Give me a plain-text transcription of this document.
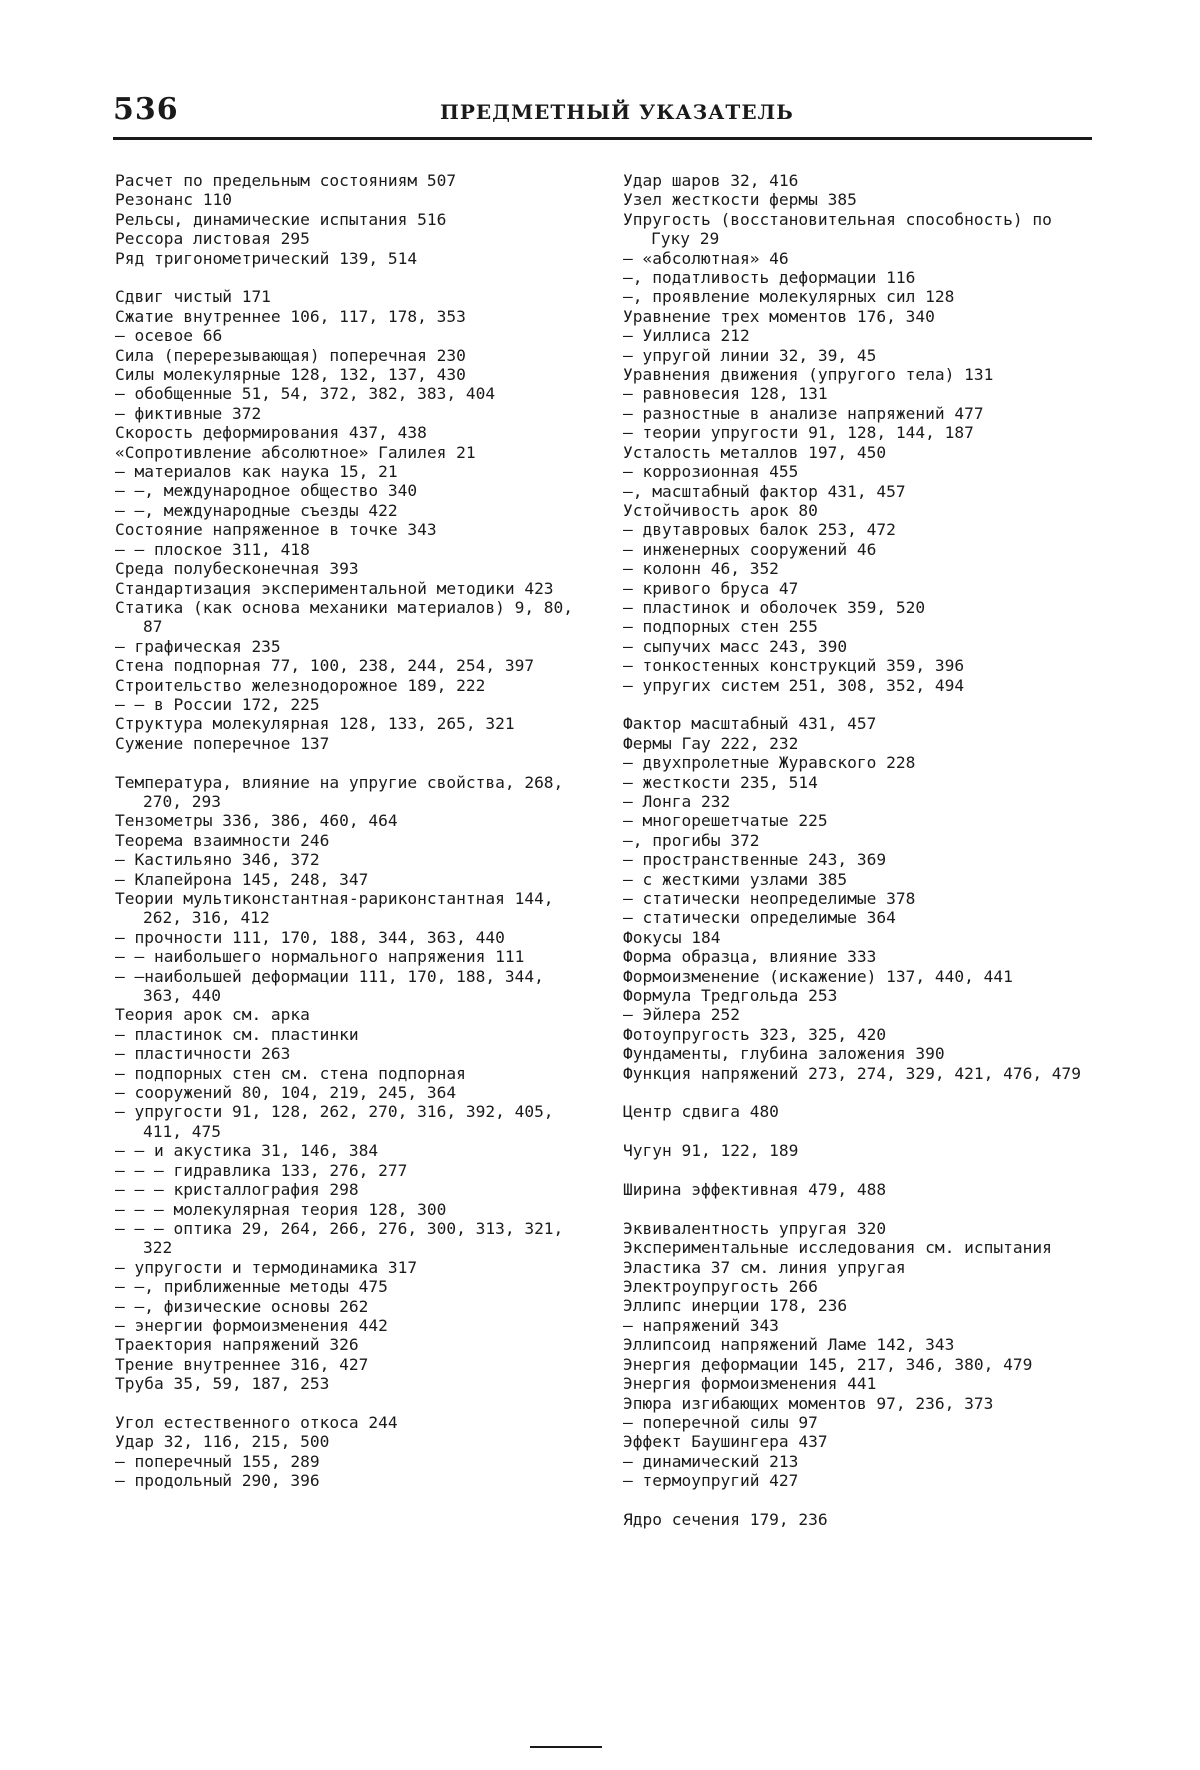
536	ПРЕДМЕТНЫЙ УКАЗАТЕЛЬ
Расчет по предельным состояниям 507
Резонанс 110
Рельсы, динамические испытания 516
Рессора листовая 295
Ряд тригонометрический 139, 514
Сдвиг чистый 171
Сжатие внутреннее 106, 117, 178, 353
— осевое 66
Сила (перерезывающая) поперечная 230
Силы молекулярные 128, 132, 137, 430
— обобщенные 51, 54, 372, 382, 383, 404
— фиктивные 372
Скорость деформирования 437, 438
«Сопротивление абсолютное» Галилея 21
— материалов как наука 15, 21
— —, международное общество 340
— —, международные съезды 422
Состояние напряженное в точке 343
— — плоское 311, 418
Среда полубесконечная 393
Стандартизация экспериментальной методики 423
Статика (как основа механики материалов) 9, 80, 87
— графическая 235
Стена подпорная 77, 100, 238, 244, 254, 397
Строительство железнодорожное 189, 222
— — в России 172, 225
Структура молекулярная 128, 133, 265, 321
Сужение поперечное 137
Температура, влияние на упругие свойства, 268, 270, 293
Тензометры 336, 386, 460, 464
Теорема взаимности 246
— Кастильяно 346, 372
— Клапейрона 145, 248, 347
Теории мультиконстантная-рариконстантная 144, 262, 316, 412
— прочности 111, 170, 188, 344, 363, 440
— — наибольшего нормального напряжения 111
— —наибольшей деформации 111, 170, 188, 344, 363, 440
Теория арок см. арка
— пластинок см. пластинки
— пластичности 263
— подпорных стен см. стена подпорная
— сооружений 80, 104, 219, 245, 364
— упругости 91, 128, 262, 270, 316, 392, 405, 411, 475
— — и акустика 31, 146, 384
— — — гидравлика 133, 276, 277
— — — кристаллография 298
— — — молекулярная теория 128, 300
— — — оптика 29, 264, 266, 276, 300, 313, 321, 322
— упругости и термодинамика 317
— —, приближенные методы 475
— —, физические основы 262
— энергии формоизменения 442
Траектория напряжений 326
Трение внутреннее 316, 427
Труба 35, 59, 187, 253
Угол естественного откоса 244
Удар 32, 116, 215, 500
— поперечный 155, 289
— продольный 290, 396
Удар шаров 32, 416
Узел жесткости фермы 385
Упругость (восстановительная способность) по Гуку 29
— «абсолютная» 46
—, податливость деформации 116
—, проявление молекулярных сил 128
Уравнение трех моментов 176, 340
— Уиллиса 212
— упругой линии 32, 39, 45
Уравнения движения (упругого тела) 131
— равновесия 128, 131
— разностные в анализе напряжений 477
— теории упругости 91, 128, 144, 187
Усталость металлов 197, 450
— коррозионная 455
—, масштабный фактор 431, 457
Устойчивость арок 80
— двутавровых балок 253, 472
— инженерных сооружений 46
— колонн 46, 352
— кривого бруса 47
— пластинок и оболочек 359, 520
— подпорных стен 255
— сыпучих масс 243, 390
— тонкостенных конструкций 359, 396
— упругих систем 251, 308, 352, 494
Фактор масштабный 431, 457
Фермы Гау 222, 232
— двухпролетные Журавского 228
— жесткости 235, 514
— Лонга 232
— многорешетчатые 225
—, прогибы 372
— пространственные 243, 369
— с жесткими узлами 385
— статически неопределимые 378
— статически определимые 364
Фокусы 184
Форма образца, влияние 333
Формоизменение (искажение) 137, 440, 441
Формула Тредгольда 253
— Эйлера 252
Фотоупругость 323, 325, 420
Фундаменты, глубина заложения 390
Функция напряжений 273, 274, 329, 421, 476, 479
Центр сдвига 480
Чугун 91, 122, 189
Ширина эффективная 479, 488
Эквивалентность упругая 320
Экспериментальные исследования см. испытания
Эластика 37 см. линия упругая
Электроупругость 266
Эллипс инерции 178, 236
— напряжений 343
Эллипсоид напряжений Ламе 142, 343
Энергия деформации 145, 217, 346, 380, 479
Энергия формоизменения 441
Эпюра изгибающих моментов 97, 236, 373
— поперечной силы 97
Эффект Баушингера 437
— динамический 213
— термоупругий 427
Ядро сечения 179, 236
